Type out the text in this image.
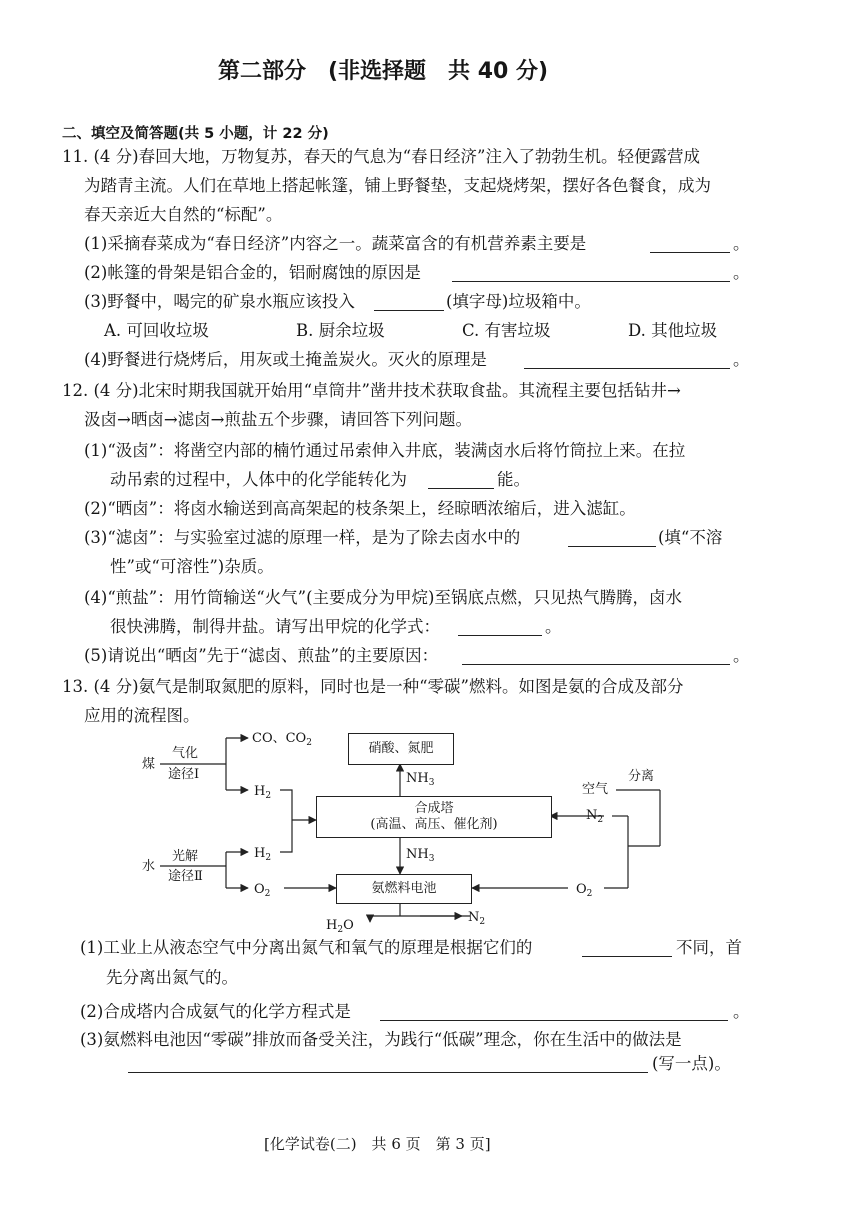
第二部分　(非选择题　共 40 分)
二、填空及简答题(共 5 小题，计 22 分)
11. (4 分)春回大地，万物复苏，春天的气息为“春日经济”注入了勃勃生机。轻便露营成
为踏青主流。人们在草地上搭起帐篷，铺上野餐垫，支起烧烤架，摆好各色餐食，成为
春天亲近大自然的“标配”。
(1)采摘春菜成为“春日经济”内容之一。蔬菜富含的有机营养素主要是	。
(2)帐篷的骨架是铝合金的，铝耐腐蚀的原因是	。
(3)野餐中，喝完的矿泉水瓶应该投入	(填字母)垃圾箱中。
A. 可回收垃圾	B. 厨余垃圾	C. 有害垃圾	D. 其他垃圾
(4)野餐进行烧烤后，用灰或土掩盖炭火。灭火的原理是	。
12. (4 分)北宋时期我国就开始用“卓筒井”凿井技术获取食盐。其流程主要包括钻井→
汲卤→晒卤→滤卤→煎盐五个步骤，请回答下列问题。
(1)“汲卤”：将凿空内部的楠竹通过吊索伸入井底，装满卤水后将竹筒拉上来。在拉
动吊索的过程中，人体中的化学能转化为	能。
(2)“晒卤”：将卤水输送到高高架起的枝条架上，经晾晒浓缩后，进入滤缸。
(3)“滤卤”：与实验室过滤的原理一样，是为了除去卤水中的	(填“不溶
性”或“可溶性”)杂质。
(4)“煎盐”：用竹筒输送“火气”(主要成分为甲烷)至锅底点燃，只见热气腾腾，卤水
很快沸腾，制得井盐。请写出甲烷的化学式：	。
(5)请说出“晒卤”先于“滤卤、煎盐”的主要原因：	。
13. (4 分)氨气是制取氮肥的原料，同时也是一种“零碳”燃料。如图是氨的合成及部分
应用的流程图。
煤
气化
途径Ⅰ
CO、$CO_2$
$H_2$
水
光解
途径Ⅱ
$H_2$
$O_2$
硝酸、氮肥
$NH_3$
合成塔
(高温、高压、催化剂)
$NH_3$
氨燃料电池
空气
分离
$N_2$
$O_2$
$H_2O$
$N_2$
(1)工业上从液态空气中分离出氮气和氧气的原理是根据它们的	不同，首
先分离出氮气的。
(2)合成塔内合成氨气的化学方程式是	。
(3)氨燃料电池因“零碳”排放而备受关注，为践行“低碳”理念，你在生活中的做法是
(写一点)。
[化学试卷(二)　共 6 页　第 3 页]
